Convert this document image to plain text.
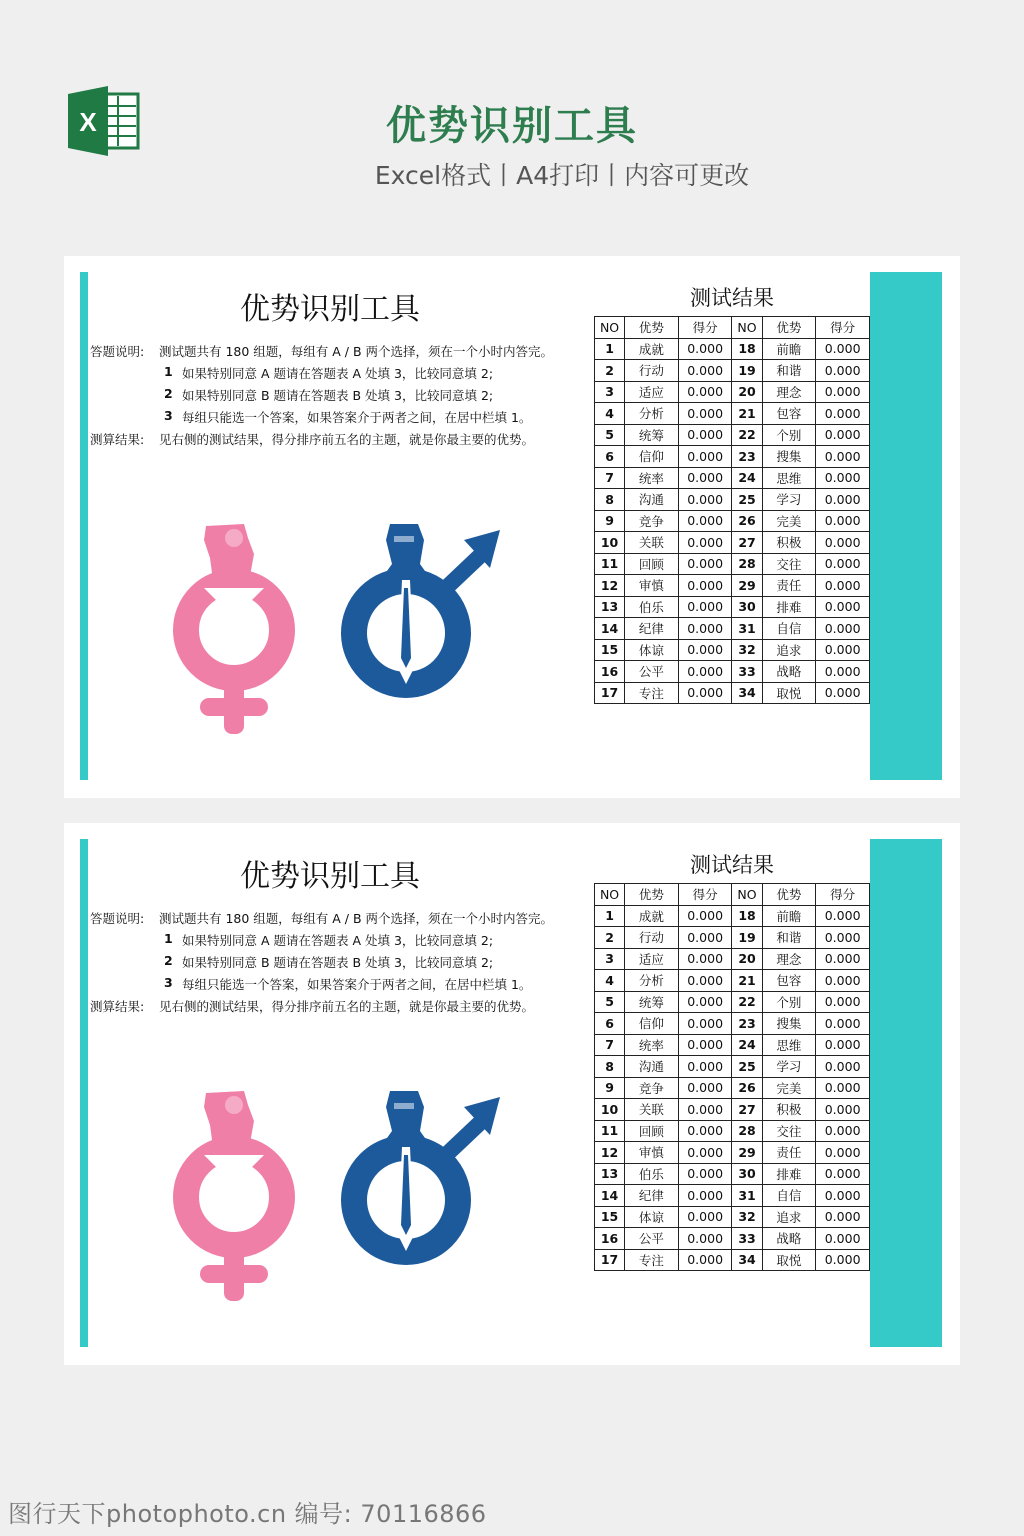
X	优势识别工具
Excel格式丨A4打印丨内容可更改
优势识别工具
答题说明: 测试题共有 180 组题，每组有 A / B 两个选择，须在一个小时内答完。
1 如果特别同意 A 题请在答题表 A 处填 3，比较同意填 2;
2 如果特别同意 B 题请在答题表 B 处填 3，比较同意填 2;
3 每组只能选一个答案，如果答案介于两者之间，在居中栏填 1。
测算结果: 见右侧的测试结果，得分排序前五名的主题，就是你最主要的优势。
测试结果
NO	优势	得分	NO	优势	得分
1	成就	0.000	18	前瞻	0.000
2	行动	0.000	19	和谐	0.000
3	适应	0.000	20	理念	0.000
4	分析	0.000	21	包容	0.000
5	统筹	0.000	22	个别	0.000
6	信仰	0.000	23	搜集	0.000
7	统率	0.000	24	思维	0.000
8	沟通	0.000	25	学习	0.000
9	竞争	0.000	26	完美	0.000
10	关联	0.000	27	积极	0.000
11	回顾	0.000	28	交往	0.000
12	审慎	0.000	29	责任	0.000
13	伯乐	0.000	30	排难	0.000
14	纪律	0.000	31	自信	0.000
15	体谅	0.000	32	追求	0.000
16	公平	0.000	33	战略	0.000
17	专注	0.000	34	取悦	0.000
优势识别工具
答题说明: 测试题共有 180 组题，每组有 A / B 两个选择，须在一个小时内答完。
1 如果特别同意 A 题请在答题表 A 处填 3，比较同意填 2;
2 如果特别同意 B 题请在答题表 B 处填 3，比较同意填 2;
3 每组只能选一个答案，如果答案介于两者之间，在居中栏填 1。
测算结果: 见右侧的测试结果，得分排序前五名的主题，就是你最主要的优势。
测试结果
NO	优势	得分	NO	优势	得分
1	成就	0.000	18	前瞻	0.000
2	行动	0.000	19	和谐	0.000
3	适应	0.000	20	理念	0.000
4	分析	0.000	21	包容	0.000
5	统筹	0.000	22	个别	0.000
6	信仰	0.000	23	搜集	0.000
7	统率	0.000	24	思维	0.000
8	沟通	0.000	25	学习	0.000
9	竞争	0.000	26	完美	0.000
10	关联	0.000	27	积极	0.000
11	回顾	0.000	28	交往	0.000
12	审慎	0.000	29	责任	0.000
13	伯乐	0.000	30	排难	0.000
14	纪律	0.000	31	自信	0.000
15	体谅	0.000	32	追求	0.000
16	公平	0.000	33	战略	0.000
17	专注	0.000	34	取悦	0.000
图行天下photophoto.cn 编号: 70116866
